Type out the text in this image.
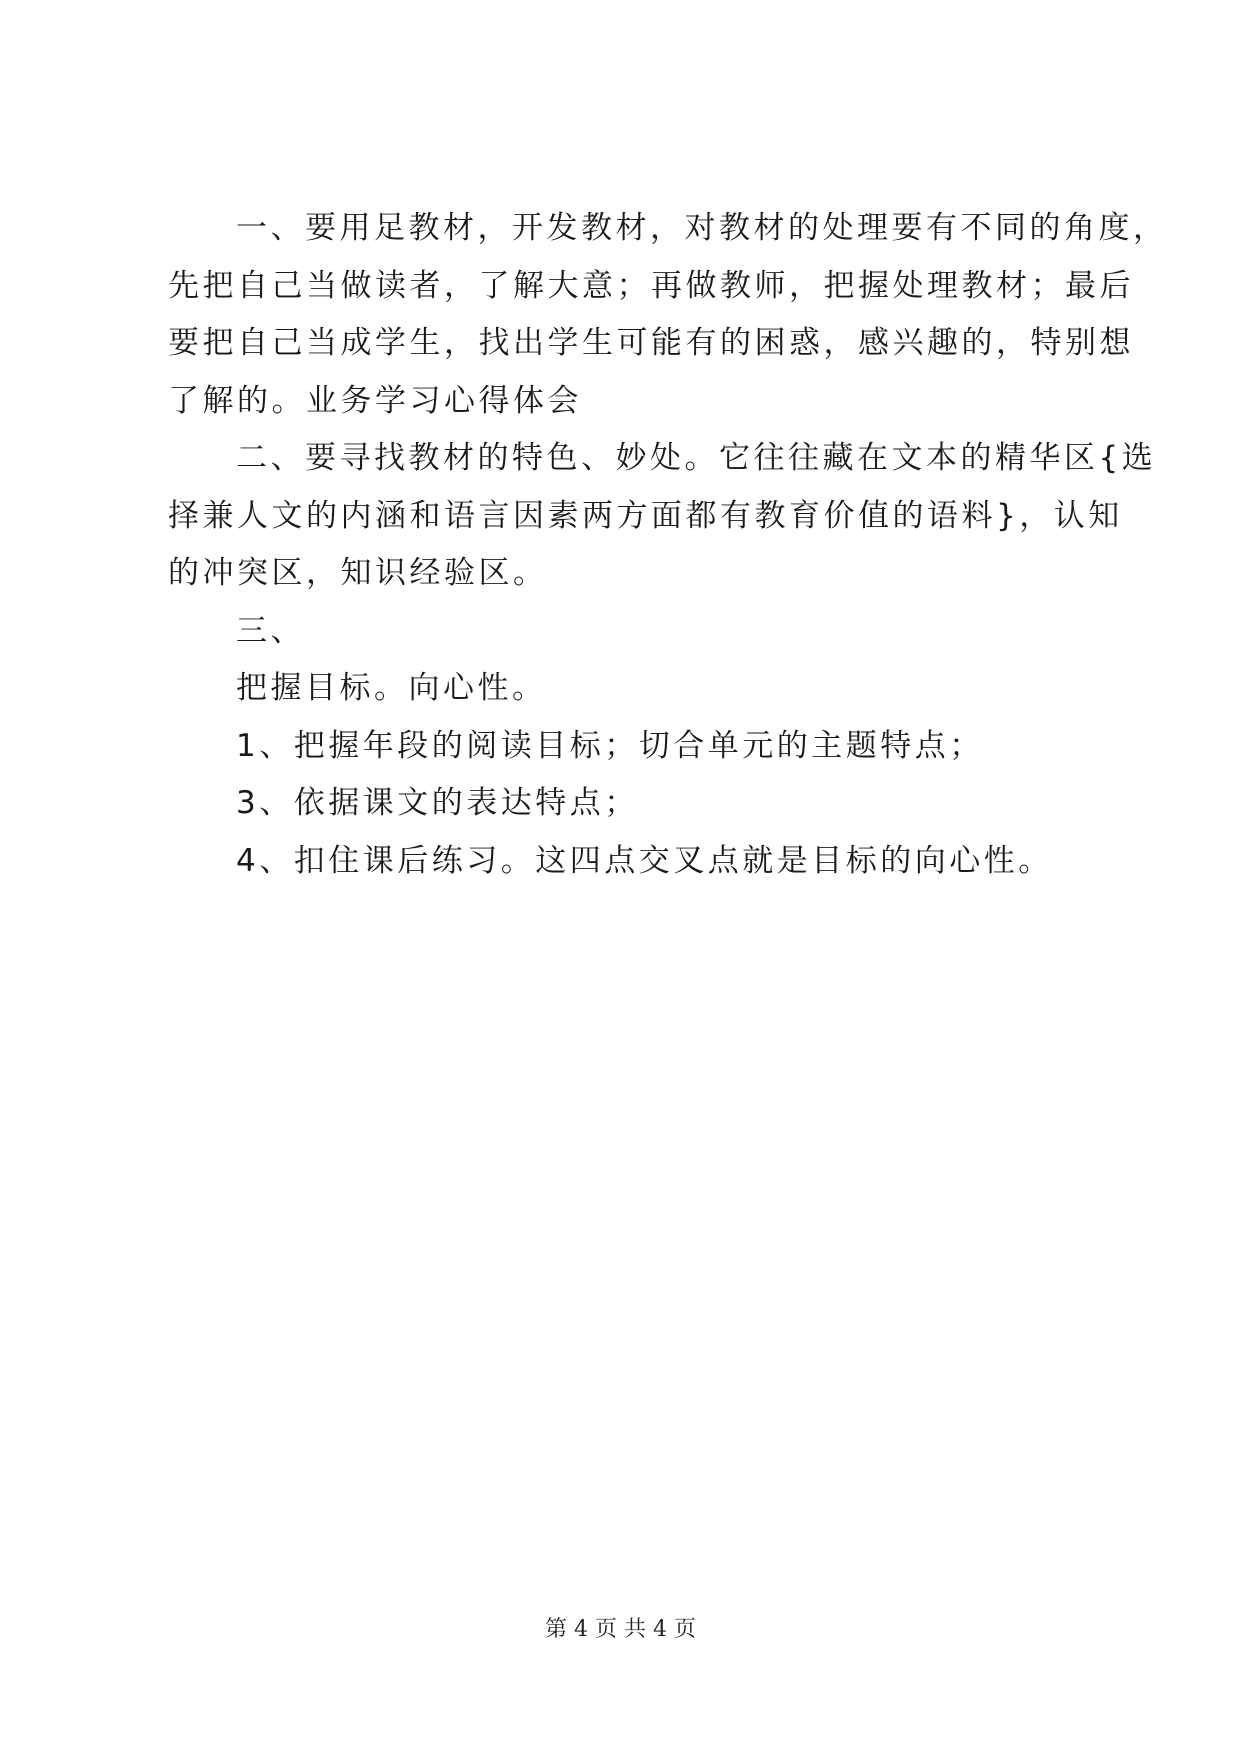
一、要用足教材，开发教材，对教材的处理要有不同的角度，
先把自己当做读者，了解大意；再做教师，把握处理教材；最后
要把自己当成学生，找出学生可能有的困惑，感兴趣的，特别想
了解的。业务学习心得体会
二、要寻找教材的特色、妙处。它往往藏在文本的精华区{选
择兼人文的内涵和语言因素两方面都有教育价值的语料}，认知
的冲突区，知识经验区。
三、
把握目标。向心性。
1、把握年段的阅读目标；切合单元的主题特点；
3、依据课文的表达特点；
4、扣住课后练习。这四点交叉点就是目标的向心性。
第 4 页 共 4 页
